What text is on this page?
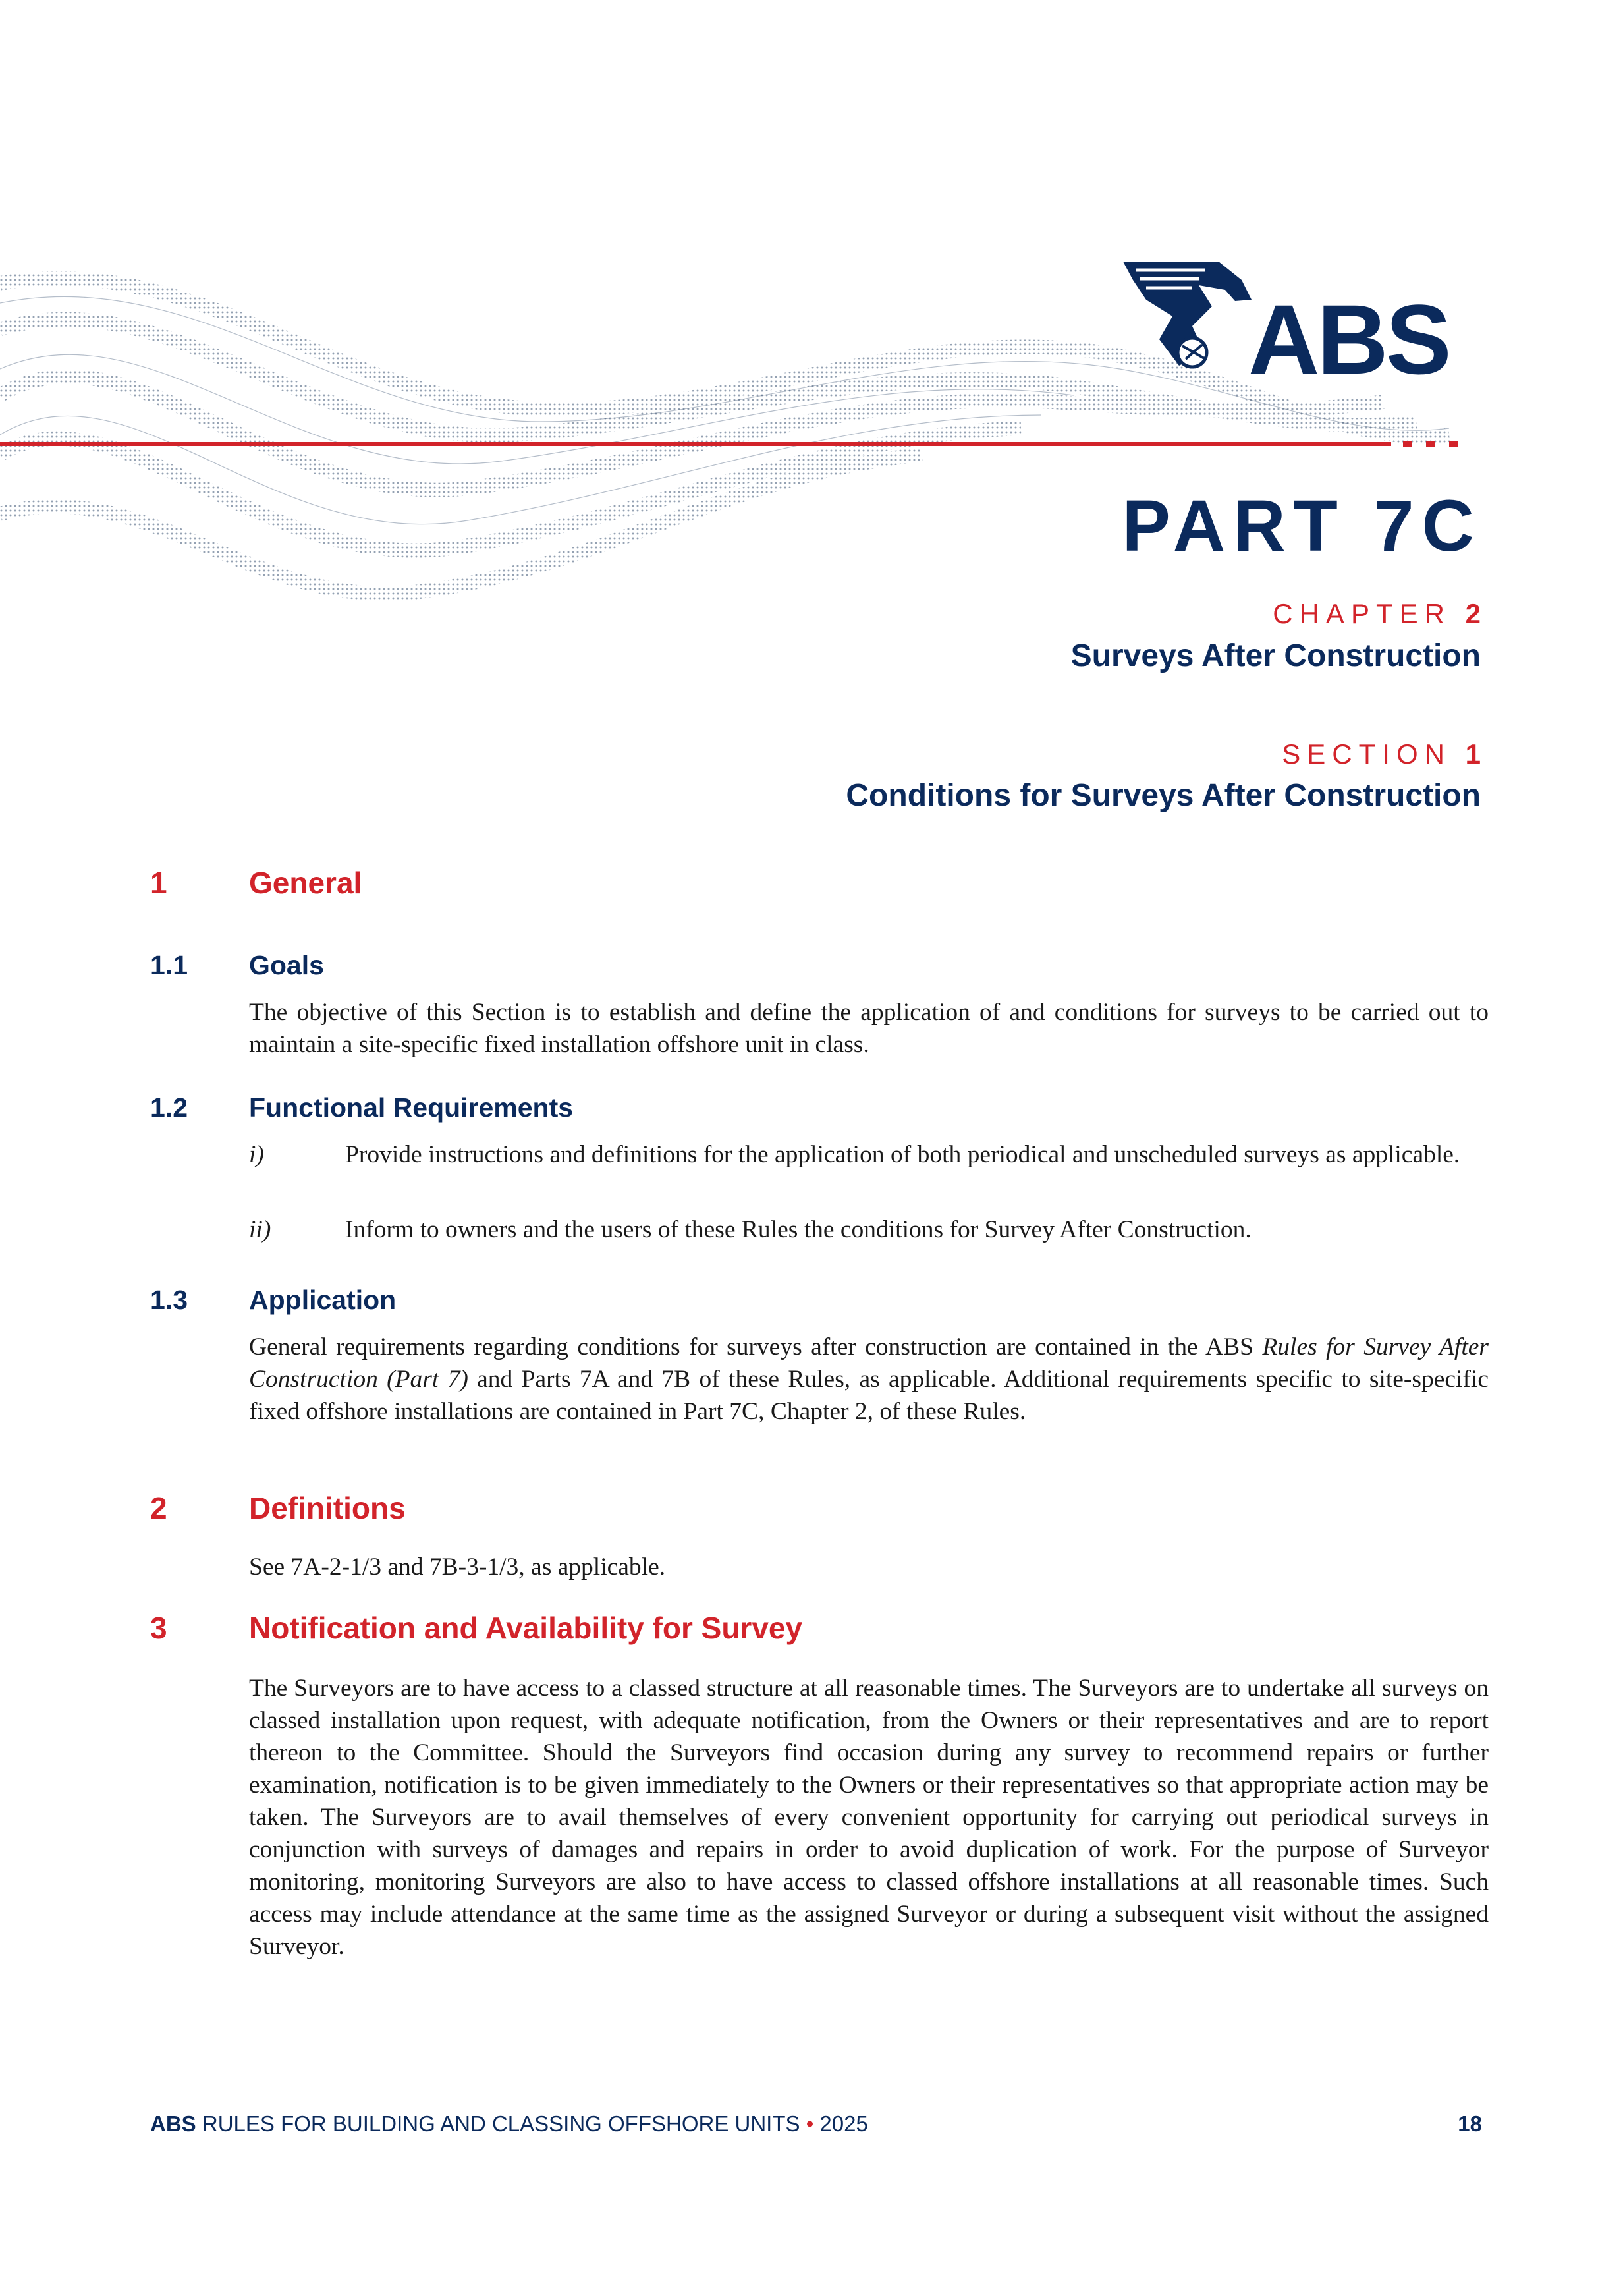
ABS
PART 7C
CHAPTER 2
Surveys After Construction
SECTION 1
Conditions for Surveys After Construction
1	General
1.1 Goals

The objective of this Section is to establish and define the application of and conditions for surveys to be carried out to maintain a site-specific fixed installation offshore unit in class.

1.2 Functional Requirements
i)	Provide instructions and definitions for the application of both periodical and unscheduled surveys as applicable.
ii)	Inform to owners and the users of these Rules the conditions for Survey After Construction.
1.3 Application

General requirements regarding conditions for surveys after construction are contained in the ABS Rules for Survey After Construction (Part 7) and Parts 7A and 7B of these Rules, as applicable. Additional requirements specific to site-specific fixed offshore installations are contained in Part 7C, Chapter 2, of these Rules.

2	Definitions

See 7A-2-1/3 and 7B-3-1/3, as applicable.

3	Notification and Availability for Survey

The Surveyors are to have access to a classed structure at all reasonable times. The Surveyors are to undertake all surveys on classed installation upon request, with adequate notification, from the Owners or their representatives and are to report thereon to the Committee. Should the Surveyors find occasion during any survey to recommend repairs or further examination, notification is to be given immediately to the Owners or their representatives so that appropriate action may be taken. The Surveyors are to avail themselves of every convenient opportunity for carrying out periodical surveys in conjunction with surveys of damages and repairs in order to avoid duplication of work. For the purpose of Surveyor monitoring, monitoring Surveyors are also to have access to classed offshore installations at all reasonable times. Such access may include attendance at the same time as the assigned Surveyor or during a subsequent visit without the assigned Surveyor.

ABS RULES FOR BUILDING AND CLASSING OFFSHORE UNITS • 2025	18
